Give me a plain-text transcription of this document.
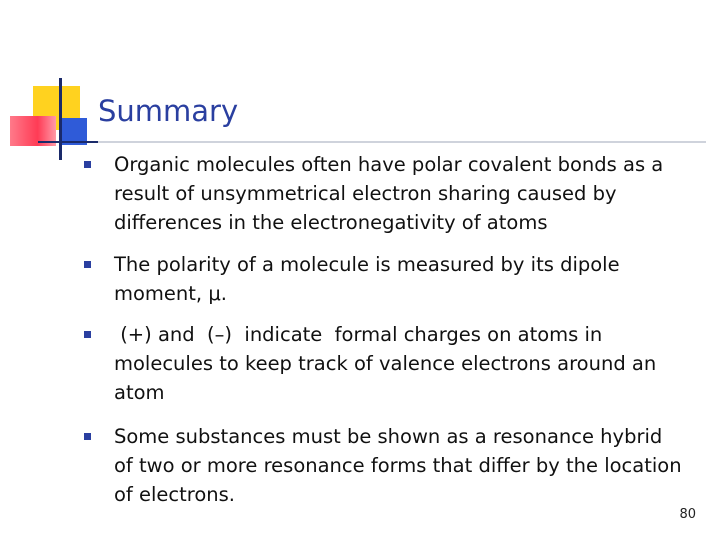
Summary
Organic molecules often have polar covalent bonds as a result of unsymmetrical electron sharing caused by differences in the electronegativity of atoms
The polarity of a molecule is measured by its dipole moment, μ.
(+) and  (–)  indicate  formal charges on atoms in molecules to keep track of valence electrons around an atom
Some substances must be shown as a resonance hybrid of two or more resonance forms that differ by the location of electrons.
80
